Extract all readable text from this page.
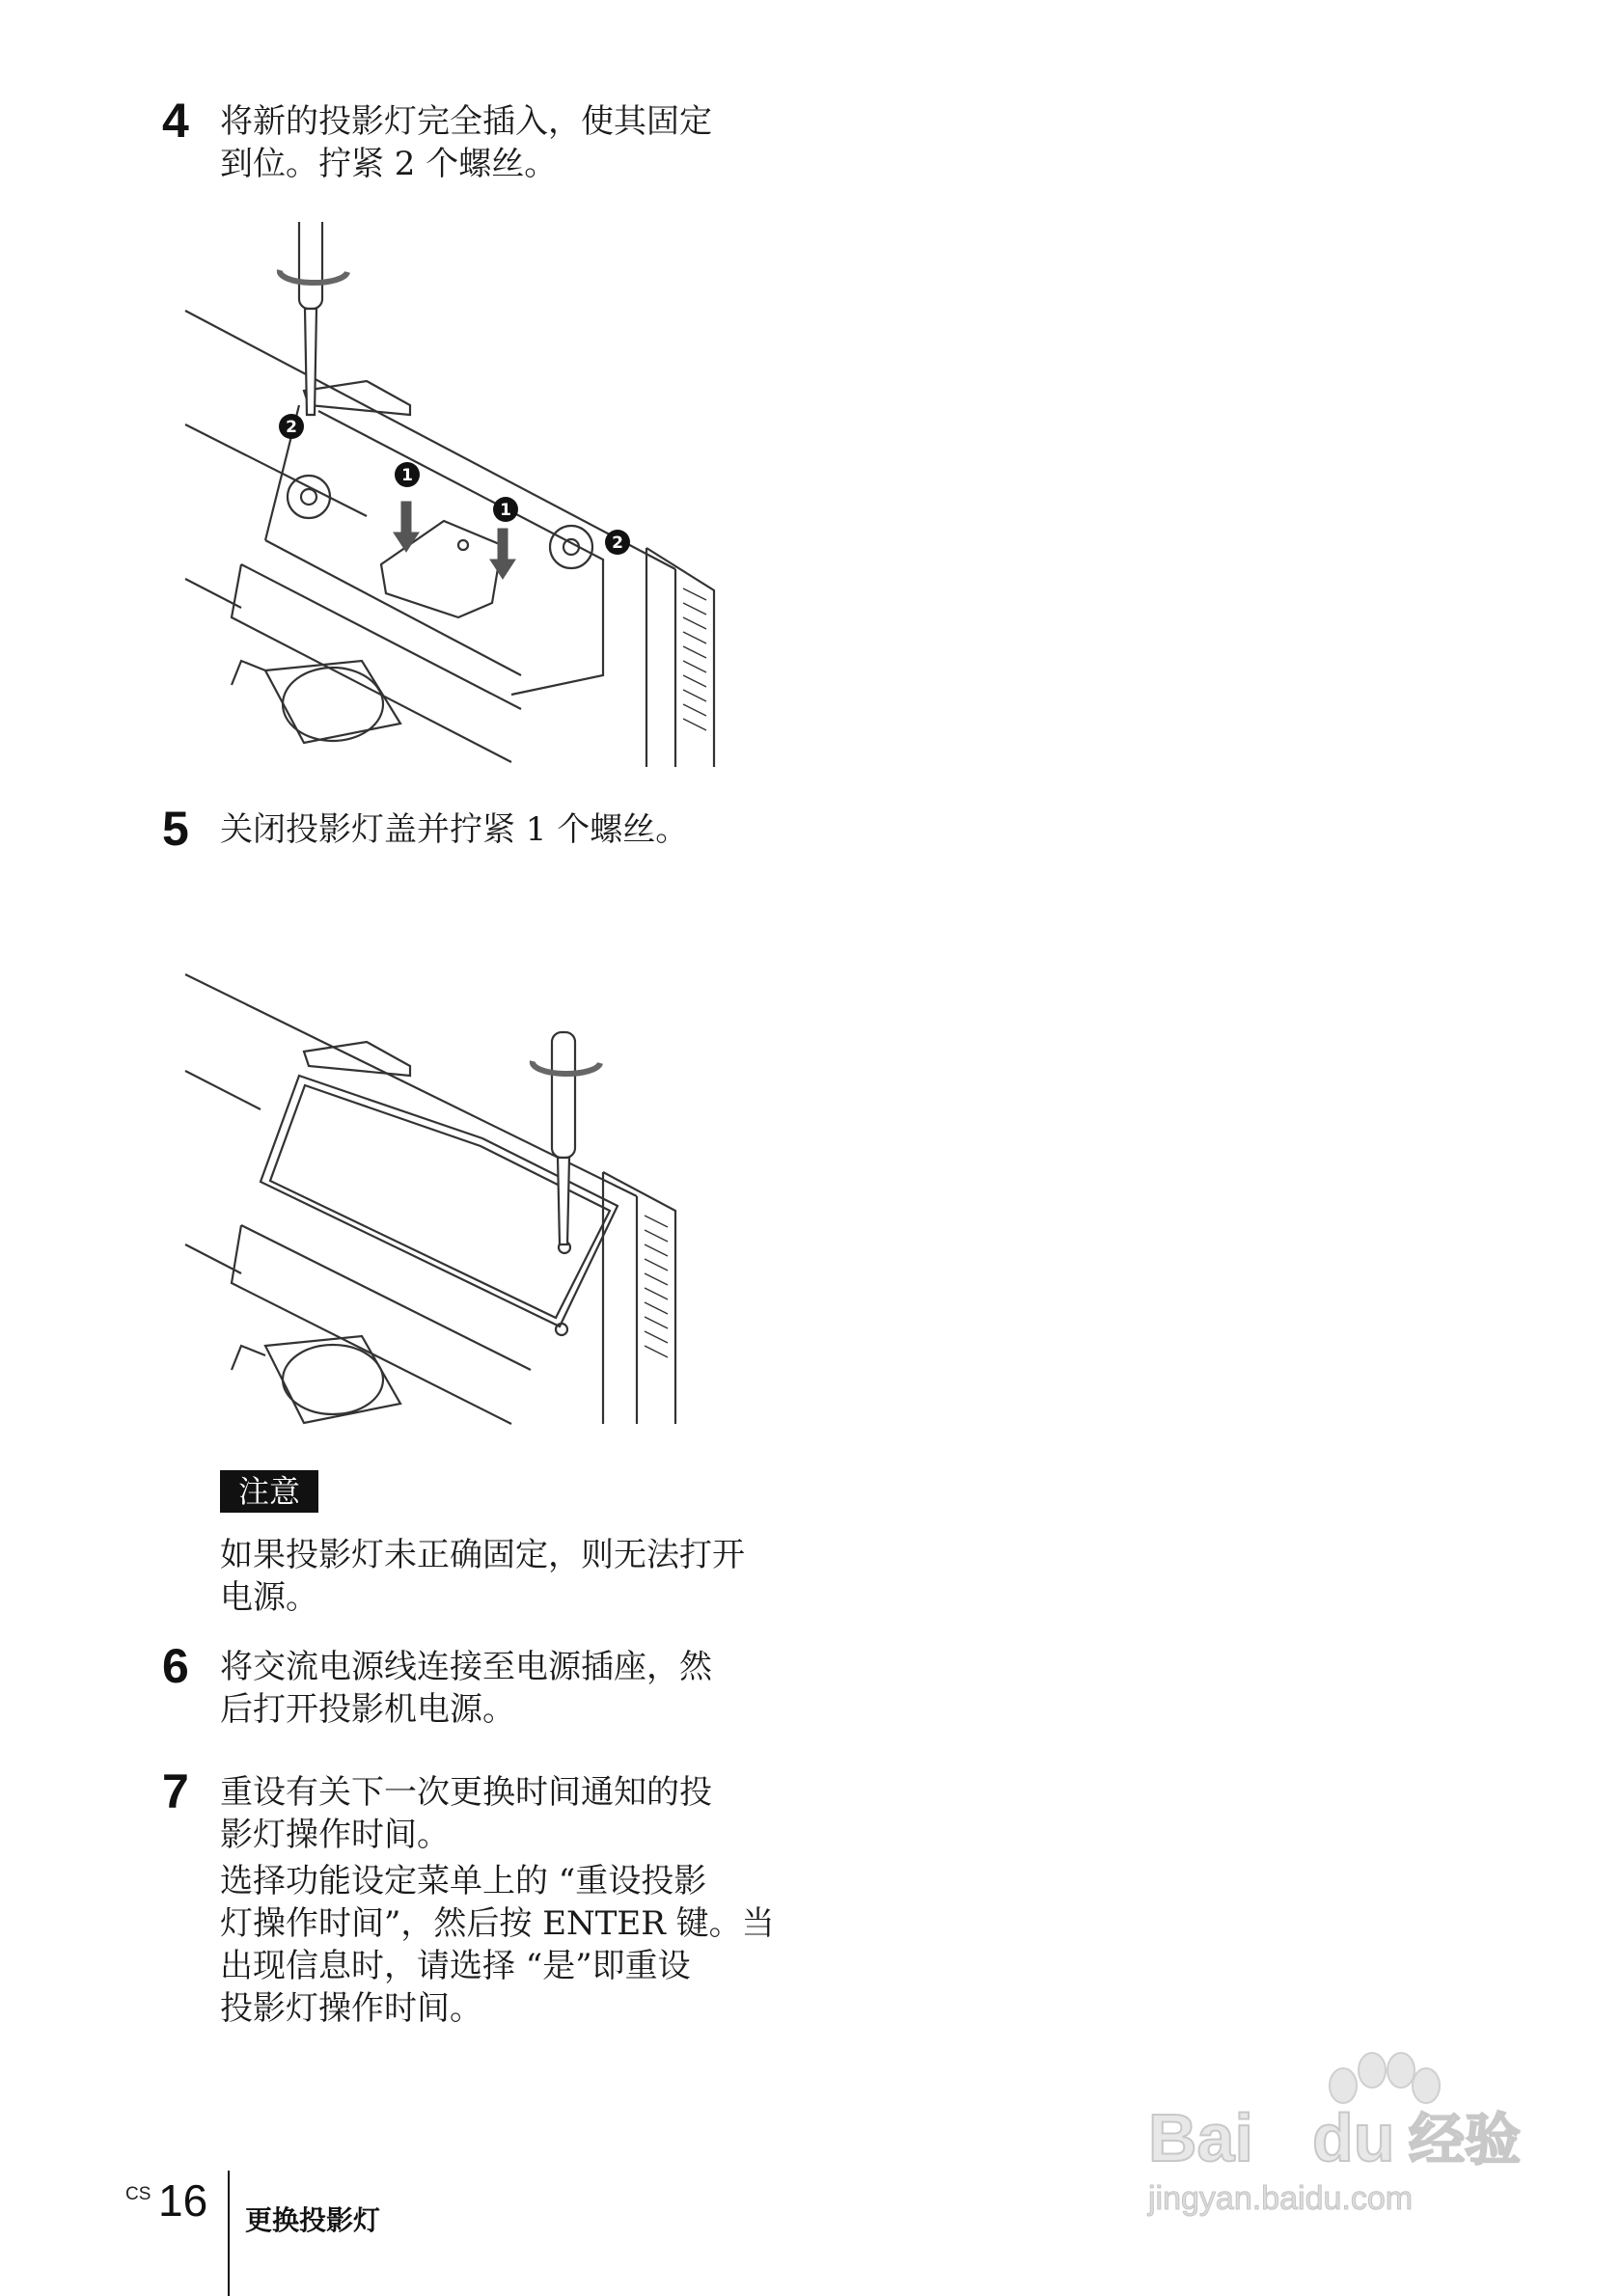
4 将新的投影灯完全插入，使其固定
到位。拧紧 2 个螺丝。
2
1
1
2
5 关闭投影灯盖并拧紧 1 个螺丝。
注意
如果投影灯未正确固定，则无法打开
电源。
6 将交流电源线连接至电源插座，然
后打开投影机电源。
7 重设有关下一次更换时间通知的投
影灯操作时间。
选择功能设定菜单上的 “重设投影
灯操作时间”，然后按 ENTER 键。当
出现信息时，请选择 “是”即重设
投影灯操作时间。
CS 16 更换投影灯
Bai du 经验
jingyan.baidu.com
